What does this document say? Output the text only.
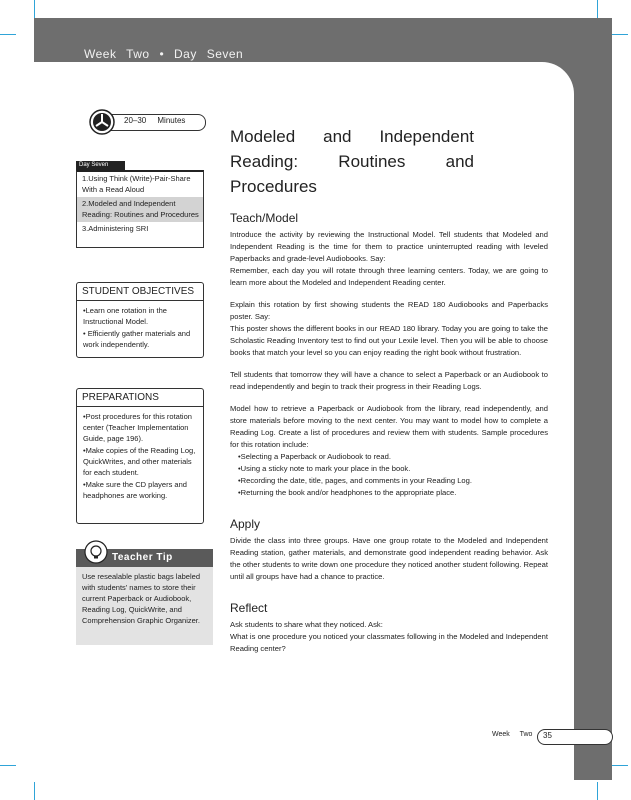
Week Two • Day Seven
20–30 Minutes
Day Seven
1.Using Think (Write)-Pair-Share With a Read Aloud
2.Modeled and Independent Reading: Routines and Procedures
3.Administering SRI
STUDENT OBJECTIVES
•Learn one rotation in the Instructional Model.
• Efficiently gather materials and work independently.
PREPARATIONS
•Post procedures for this rotation center (Teacher Implementation Guide, page 196).
•Make copies of the Reading Log, QuickWrites, and other materials for each student.
•Make sure the CD players and headphones are working.
Teacher Tip
Use resealable plastic bags labeled with students' names to store their current Paperback or Audiobook, Reading Log, QuickWrite, and Comprehension Graphic Organizer.
Modeled and Independent Reading: Routines and Procedures
Teach/Model

Introduce the activity by reviewing the Instructional Model. Tell students that Modeled and Independent Reading is the time for them to practice uninterrupted reading with leveled Paperbacks and grade-level Audiobooks. Say:

Remember, each day you will rotate through three learning centers. Today, we are going to learn more about the Modeled and Independent Reading center.

Explain this rotation by first showing students the READ 180 Audiobooks and Paperbacks poster. Say:

This poster shows the different books in our READ 180 library. Today you are going to take the Scholastic Reading Inventory test to find out your Lexile level. Then you will be able to choose books that match your level so you can enjoy reading the right book without frustration.

Tell students that tomorrow they will have a chance to select a Paperback or an Audiobook to read independently and begin to track their progress in their Reading Logs.

Model how to retrieve a Paperback or Audiobook from the library, read independently, and store materials before moving to the next center. You may want to model how to complete a Reading Log. Create a list of procedures and review them with students. Sample procedures for this rotation include:

•Selecting a Paperback or Audiobook to read.
•Using a sticky note to mark your place in the book.
•Recording the date, title, pages, and comments in your Reading Log.
•Returning the book and/or headphones to the appropriate place.
Apply

Divide the class into three groups. Have one group rotate to the Modeled and Independent Reading station, gather materials, and demonstrate good independent reading behavior. Ask the other students to write down one procedure they noticed another student following. Repeat until all groups have had a chance to practice.

Reflect

Ask students to share what they noticed. Ask:

What is one procedure you noticed your classmates following in the Modeled and Independent Reading center?

Week Two	35
